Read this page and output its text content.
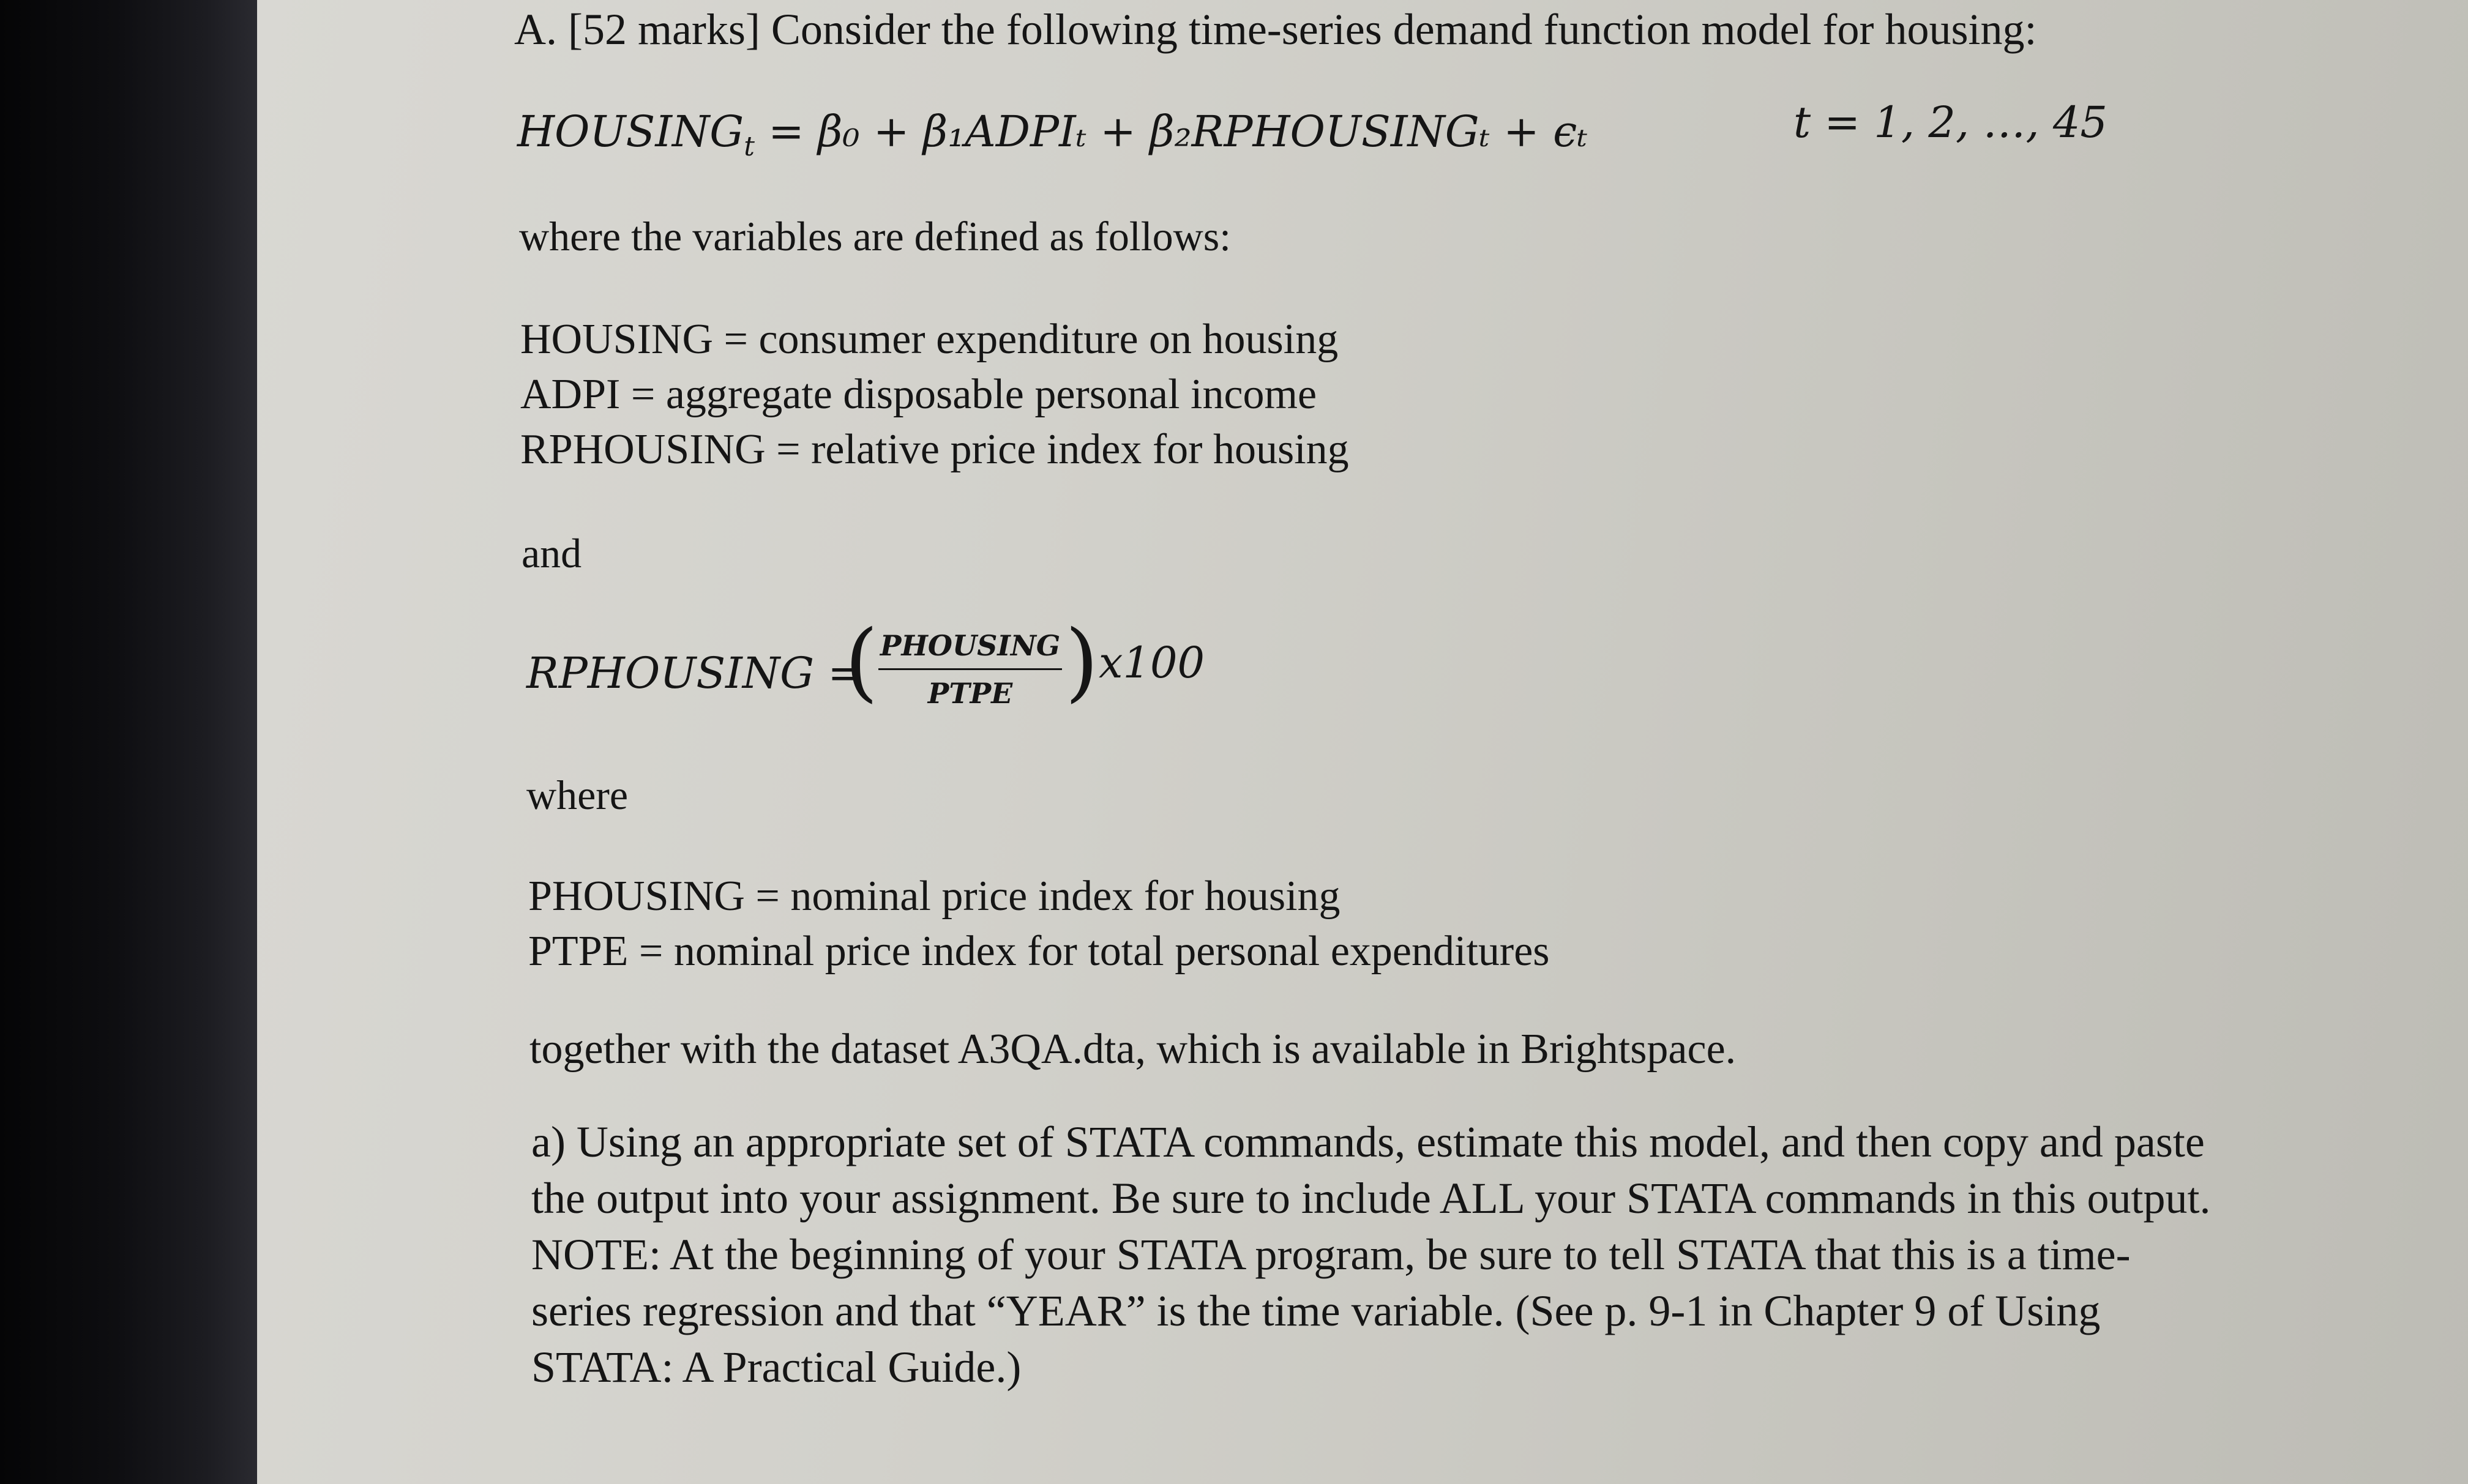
A. [52 marks] Consider the following time-series demand function model for housing:
$HOUSING_t = \beta_0$ + β₁ADPIₜ + β₂RPHOUSINGₜ + ϵₜ	t = 1, 2, …, 45
where the variables are defined as follows:
HOUSING = consumer expenditure on housing
ADPI = aggregate disposable personal income
RPHOUSING = relative price index for housing
and
RPHOUSING =
( PHOUSING
PTPE ) x100
where
PHOUSING = nominal price index for housing
PTPE = nominal price index for total personal expenditures
together with the dataset A3QA.dta, which is available in Brightspace.
a) Using an appropriate set of STATA commands, estimate this model, and then copy and paste
the output into your assignment. Be sure to include ALL your STATA commands in this output.
NOTE: At the beginning of your STATA program, be sure to tell STATA that this is a time-
series regression and that “YEAR” is the time variable. (See p. 9-1 in Chapter 9 of Using
STATA: A Practical Guide.)
